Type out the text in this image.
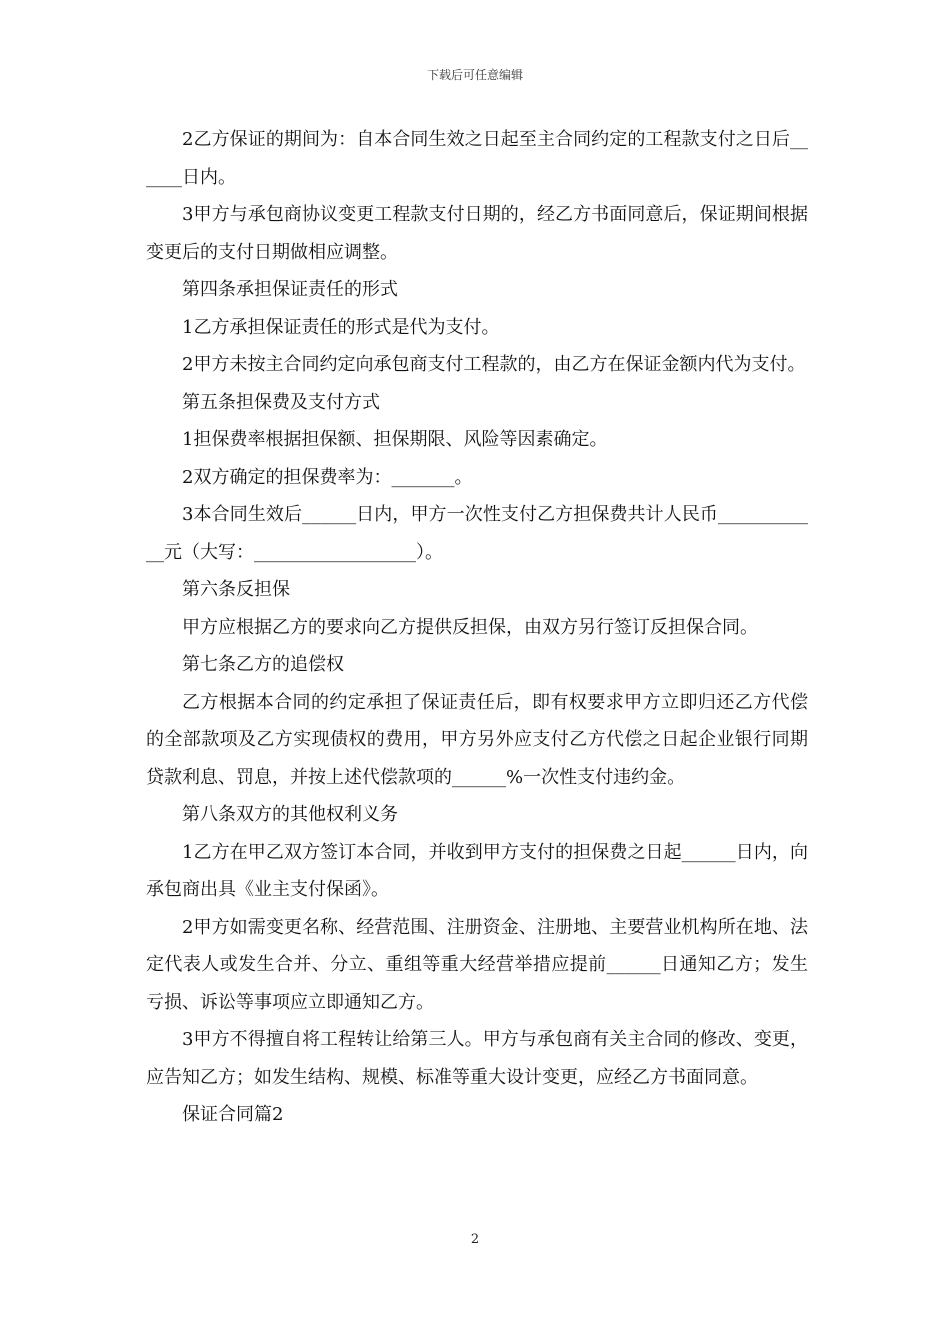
下载后可任意编辑

2乙方保证的期间为：自本合同生效之日起至主合同约定的工程款支付之日后______日内。

3甲方与承包商协议变更工程款支付日期的，经乙方书面同意后，保证期间根据变更后的支付日期做相应调整。

第四条承担保证责任的形式

1乙方承担保证责任的形式是代为支付。

2甲方未按主合同约定向承包商支付工程款的，由乙方在保证金额内代为支付。

第五条担保费及支付方式

1担保费率根据担保额、担保期限、风险等因素确定。

2双方确定的担保费率为：_______。

3本合同生效后______日内，甲方一次性支付乙方担保费共计人民币____________元（大写：__________________）。

第六条反担保

甲方应根据乙方的要求向乙方提供反担保，由双方另行签订反担保合同。

第七条乙方的追偿权

乙方根据本合同的约定承担了保证责任后，即有权要求甲方立即归还乙方代偿的全部款项及乙方实现债权的费用，甲方另外应支付乙方代偿之日起企业银行同期贷款利息、罚息，并按上述代偿款项的______%一次性支付违约金。

第八条双方的其他权利义务

1乙方在甲乙双方签订本合同，并收到甲方支付的担保费之日起______日内，向承包商出具《业主支付保函》。

2甲方如需变更名称、经营范围、注册资金、注册地、主要营业机构所在地、法定代表人或发生合并、分立、重组等重大经营举措应提前______日通知乙方；发生亏损、诉讼等事项应立即通知乙方。

3甲方不得擅自将工程转让给第三人。甲方与承包商有关主合同的修改、变更，应告知乙方；如发生结构、规模、标准等重大设计变更，应经乙方书面同意。

保证合同篇2

2
